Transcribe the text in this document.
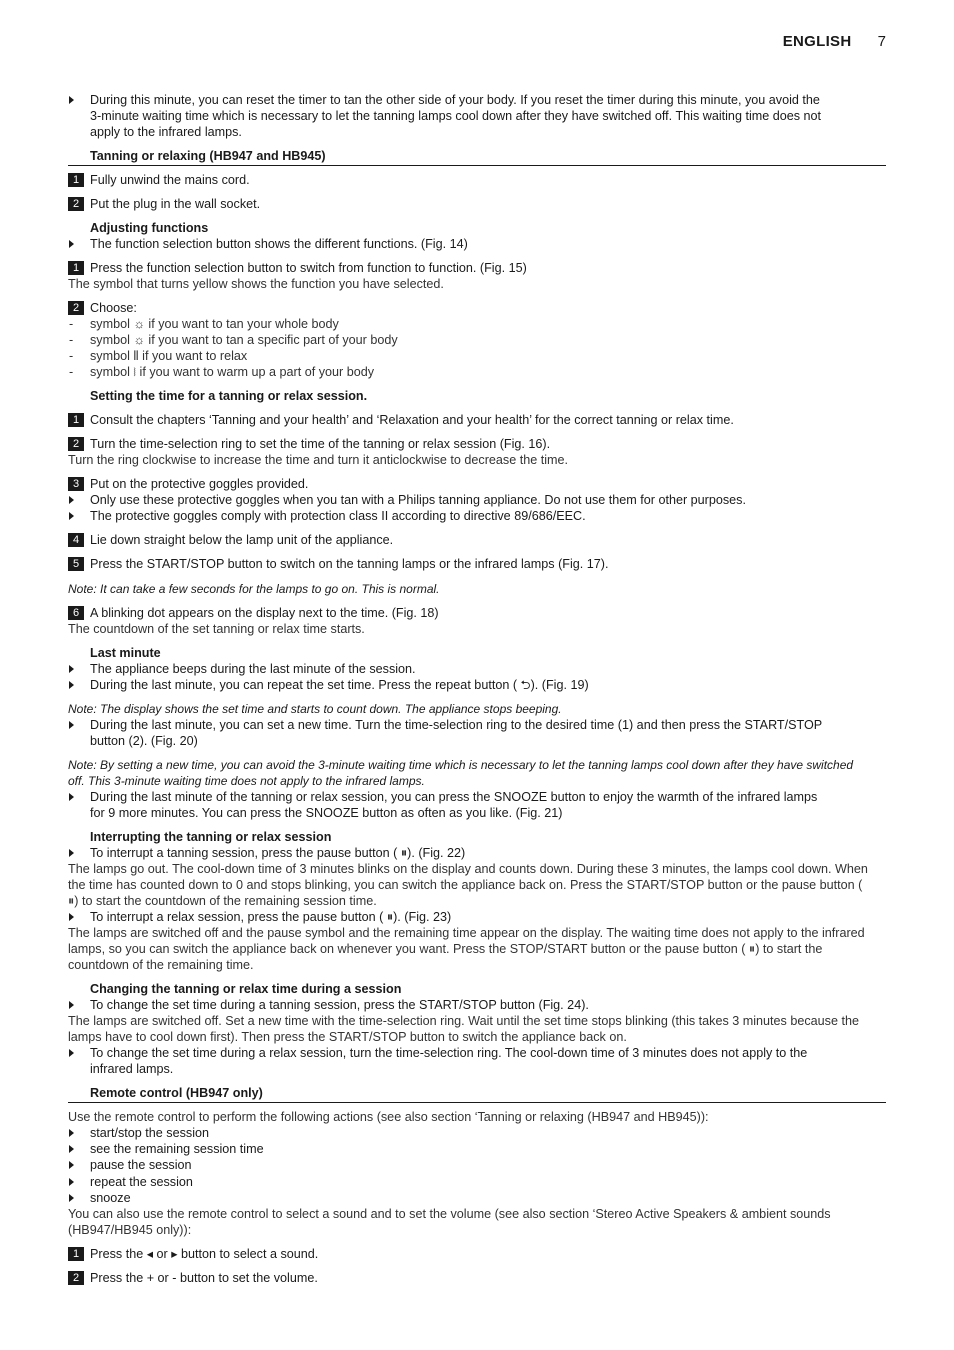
ENGLISH 7
During this minute, you can reset the timer to tan the other side of your body. If you reset the timer during this minute, you avoid the
3-minute waiting time which is necessary to let the tanning lamps cool down after they have switched off. This waiting time does not
apply to the infrared lamps.
Tanning or relaxing (HB947 and HB945)
1 Fully unwind the mains cord.
2 Put the plug in the wall socket.
Adjusting functions
The function selection button shows the different functions. (Fig. 14)
1 Press the function selection button to switch from function to function. (Fig. 15)
The symbol that turns yellow shows the function you have selected.
2 Choose:
- symbol ☼ if you want to tan your whole body
- symbol ☼ if you want to tan a specific part of your body
- symbol ⫴ if you want to relax
- symbol ⧘ if you want to warm up a part of your body
Setting the time for a tanning or relax session.
1 Consult the chapters ‘Tanning and your health’ and ‘Relaxation and your health’ for the correct tanning or relax time.
2 Turn the time-selection ring to set the time of the tanning or relax session (Fig. 16).
Turn the ring clockwise to increase the time and turn it anticlockwise to decrease the time.
3 Put on the protective goggles provided.
Only use these protective goggles when you tan with a Philips tanning appliance. Do not use them for other purposes.
The protective goggles comply with protection class II according to directive 89/686/EEC.
4 Lie down straight below the lamp unit of the appliance.
5 Press the START/STOP button to switch on the tanning lamps or the infrared lamps (Fig. 17).
Note: It can take a few seconds for the lamps to go on. This is normal.
6 A blinking dot appears on the display next to the time. (Fig. 18)
The countdown of the set tanning or relax time starts.
Last minute
The appliance beeps during the last minute of the session.
During the last minute, you can repeat the set time. Press the repeat button ( ⮌). (Fig. 19)
Note: The display shows the set time and starts to count down. The appliance stops beeping.
During the last minute, you can set a new time. Turn the time-selection ring to the desired time (1) and then press the START/STOP
button (2). (Fig. 20)
Note: By setting a new time, you can avoid the 3-minute waiting time which is necessary to let the tanning lamps cool down after they have switched
off. This 3-minute waiting time does not apply to the infrared lamps.
During the last minute of the tanning or relax session, you can press the SNOOZE button to enjoy the warmth of the infrared lamps
for 9 more minutes. You can press the SNOOZE button as often as you like. (Fig. 21)
Interrupting the tanning or relax session
To interrupt a tanning session, press the pause button ( ⏸). (Fig. 22)
The lamps go out. The cool-down time of 3 minutes blinks on the display and counts down. During these 3 minutes, the lamps cool down. When
the time has counted down to 0 and stops blinking, you can switch the appliance back on. Press the START/STOP button or the pause button (
⏸) to start the countdown of the remaining session time.
To interrupt a relax session, press the pause button ( ⏸). (Fig. 23)
The lamps are switched off and the pause symbol and the remaining time appear on the display. The waiting time does not apply to the infrared
lamps, so you can switch the appliance back on whenever you want. Press the STOP/START button or the pause button ( ⏸) to start the
countdown of the remaining time.
Changing the tanning or relax time during a session
To change the set time during a tanning session, press the START/STOP button (Fig. 24).
The lamps are switched off. Set a new time with the time-selection ring. Wait until the set time stops blinking (this takes 3 minutes because the
lamps have to cool down first). Then press the START/STOP button to switch the appliance back on.
To change the set time during a relax session, turn the time-selection ring. The cool-down time of 3 minutes does not apply to the
infrared lamps.
Remote control (HB947 only)
Use the remote control to perform the following actions (see also section ‘Tanning or relaxing (HB947 and HB945)):
start/stop the session
see the remaining session time
pause the session
repeat the session
snooze
You can also use the remote control to select a sound and to set the volume (see also section ‘Stereo Active Speakers & ambient sounds
(HB947/HB945 only)):
1 Press the ◂ or ▸ button to select a sound.
2 Press the + or - button to set the volume.
